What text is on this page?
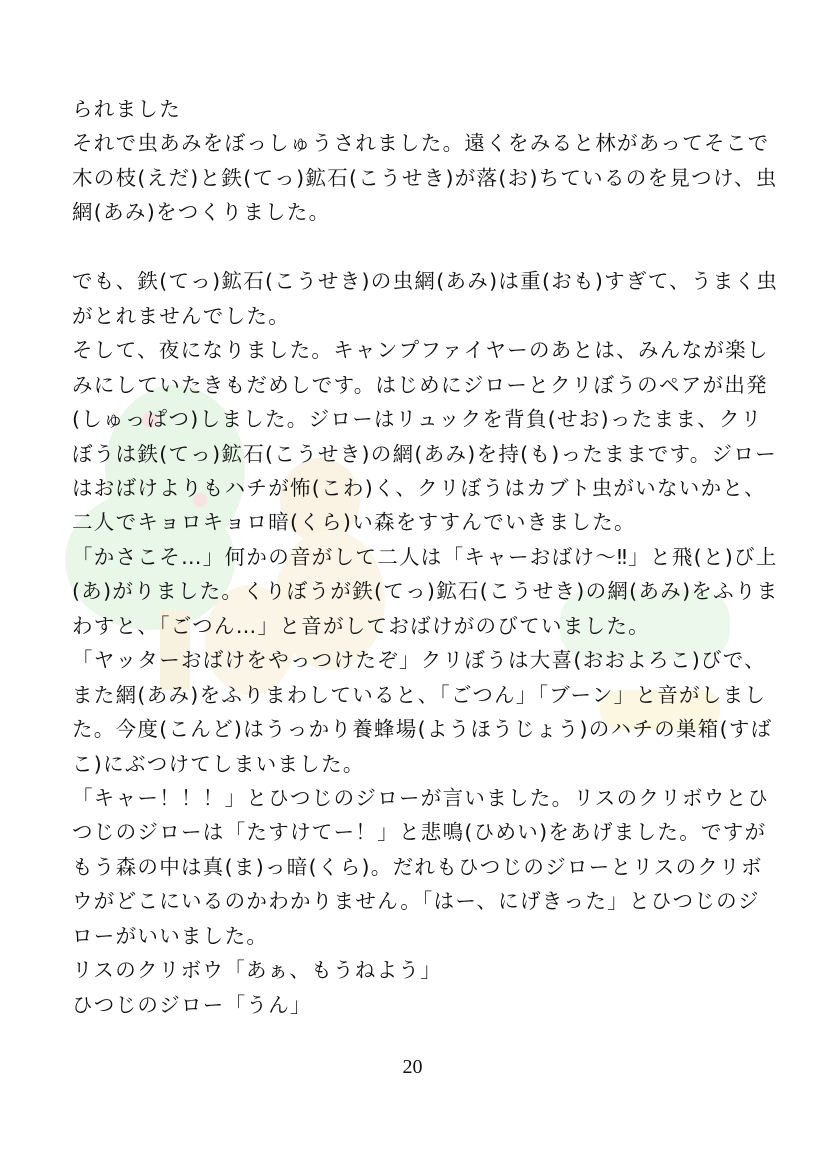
られました
それで虫あみをぼっしゅうされました。遠くをみると林があってそこで
木の枝(えだ)と鉄(てっ)鉱石(こうせき)が落(お)ちているのを見つけ、虫
網(あみ)をつくりました。
でも、鉄(てっ)鉱石(こうせき)の虫網(あみ)は重(おも)すぎて、うまく虫
がとれませんでした。
そして、夜になりました。キャンプファイヤーのあとは、みんなが楽し
みにしていたきもだめしです。はじめにジローとクリぼうのペアが出発
(しゅっぱつ)しました。ジローはリュックを背負(せお)ったまま、クリ
ぼうは鉄(てっ)鉱石(こうせき)の網(あみ)を持(も)ったままです。ジロー
はおばけよりもハチが怖(こわ)く、クリぼうはカブト虫がいないかと、
二人でキョロキョロ暗(くら)い森をすすんでいきました。
「かさこそ…」何かの音がして二人は「キャーおばけ～‼」と飛(と)び上
(あ)がりました。くりぼうが鉄(てっ)鉱石(こうせき)の網(あみ)をふりま
わすと、「ごつん…」と音がしておばけがのびていました。
「ヤッターおばけをやっつけたぞ」クリぼうは大喜(おおよろこ)びで、
また網(あみ)をふりまわしていると、「ごつん」「ブーン」と音がしまし
た。今度(こんど)はうっかり養蜂場(ようほうじょう)のハチの巣箱(すば
こ)にぶつけてしまいました。
「キャー！！！」とひつじのジローが言いました。リスのクリボウとひ
つじのジローは「たすけてー！」と悲鳴(ひめい)をあげました。ですが
もう森の中は真(ま)っ暗(くら)。だれもひつじのジローとリスのクリボ
ウがどこにいるのかわかりません。「はー、にげきった」とひつじのジ
ローがいいました。
リスのクリボウ「あぁ、もうねよう」
ひつじのジロー「うん」
20
